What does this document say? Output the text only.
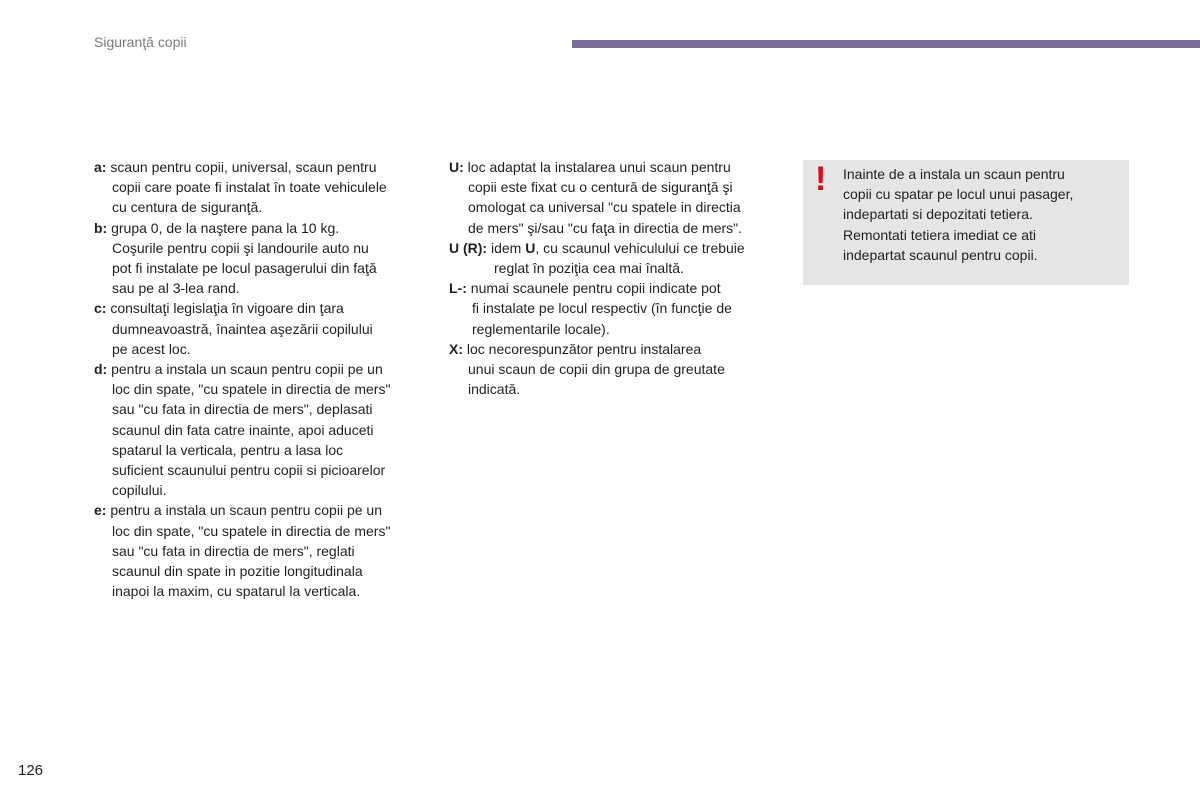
Siguranţă copii
a: scaun pentru copii, universal, scaun pentru
copii care poate fi instalat în toate vehiculele
cu centura de siguranţă.
b: grupa 0, de la naştere pana la 10 kg.
Coşurile pentru copii şi landourile auto nu
pot fi instalate pe locul pasagerului din faţă
sau pe al 3-lea rand.
c: consultaţi legislaţia în vigoare din ţara
dumneavoastră, înaintea aşezării copilului
pe acest loc.
d: pentru a instala un scaun pentru copii pe un
loc din spate, "cu spatele in directia de mers"
sau "cu fata in directia de mers", deplasati
scaunul din fata catre inainte, apoi aduceti
spatarul la verticala, pentru a lasa loc
suficient scaunului pentru copii si picioarelor
copilului.
e: pentru a instala un scaun pentru copii pe un
loc din spate, "cu spatele in directia de mers"
sau "cu fata in directia de mers", reglati
scaunul din spate in pozitie longitudinala
inapoi la maxim, cu spatarul la verticala.
U: loc adaptat la instalarea unui scaun pentru
copii este fixat cu o centură de siguranţă şi
omologat ca universal "cu spatele in directia
de mers" şi/sau "cu faţa in directia de mers".
U (R): idem U, cu scaunul vehiculului ce trebuie
reglat în poziţia cea mai înaltă.
L-: numai scaunele pentru copii indicate pot
fi instalate pe locul respectiv (în funcţie de
reglementarile locale).
X: loc necorespunzător pentru instalarea
unui scaun de copii din grupa de greutate
indicată.
! Inainte de a instala un scaun pentru
copii cu spatar pe locul unui pasager,
indepartati si depozitati tetiera.
Remontati tetiera imediat ce ati
indepartat scaunul pentru copii.
126
